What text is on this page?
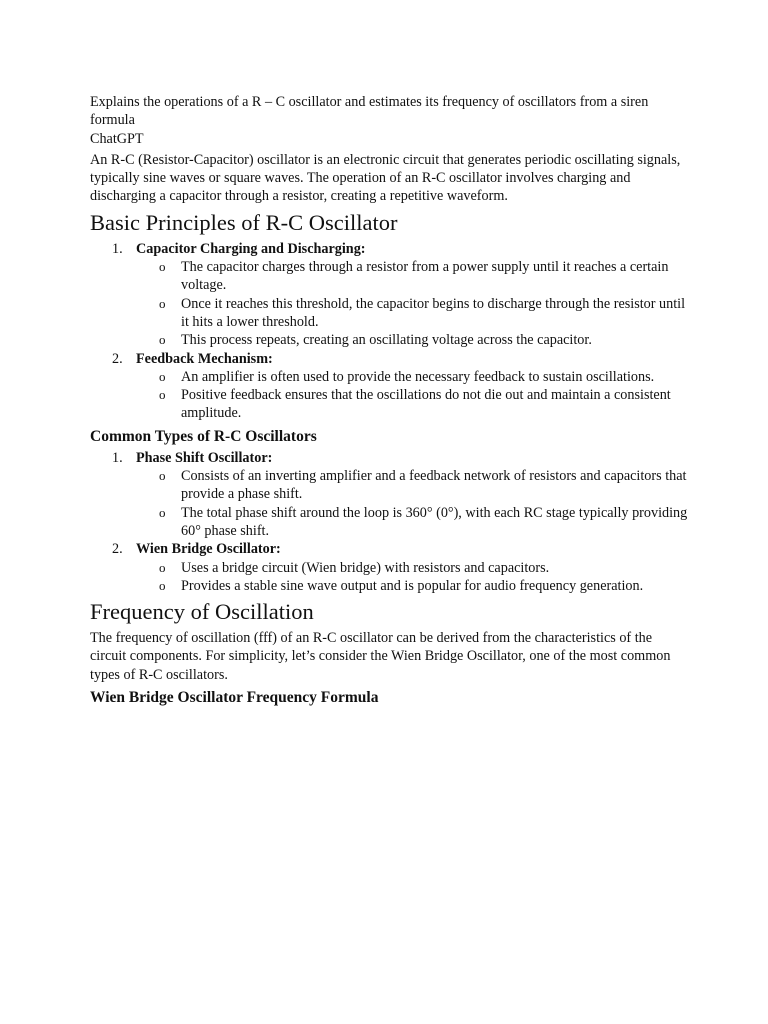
Explains the operations of a R – C oscillator and estimates its frequency of oscillators from a siren formula

ChatGPT

An R-C (Resistor-Capacitor) oscillator is an electronic circuit that generates periodic oscillating signals, typically sine waves or square waves. The operation of an R-C oscillator involves charging and discharging a capacitor through a resistor, creating a repetitive waveform.

Basic Principles of R-C Oscillator
1. Capacitor Charging and Discharging:
o The capacitor charges through a resistor from a power supply until it reaches a certain voltage.
o Once it reaches this threshold, the capacitor begins to discharge through the resistor until it hits a lower threshold.
o This process repeats, creating an oscillating voltage across the capacitor.
2. Feedback Mechanism:
o An amplifier is often used to provide the necessary feedback to sustain oscillations.
o Positive feedback ensures that the oscillations do not die out and maintain a consistent amplitude.
Common Types of R-C Oscillators
1. Phase Shift Oscillator:
o Consists of an inverting amplifier and a feedback network of resistors and capacitors that provide a phase shift.
o The total phase shift around the loop is 360° (0°), with each RC stage typically providing 60° phase shift.
2. Wien Bridge Oscillator:
o Uses a bridge circuit (Wien bridge) with resistors and capacitors.
o Provides a stable sine wave output and is popular for audio frequency generation.
Frequency of Oscillation

The frequency of oscillation (fff) of an R-C oscillator can be derived from the characteristics of the circuit components. For simplicity, let’s consider the Wien Bridge Oscillator, one of the most common types of R-C oscillators.

Wien Bridge Oscillator Frequency Formula
